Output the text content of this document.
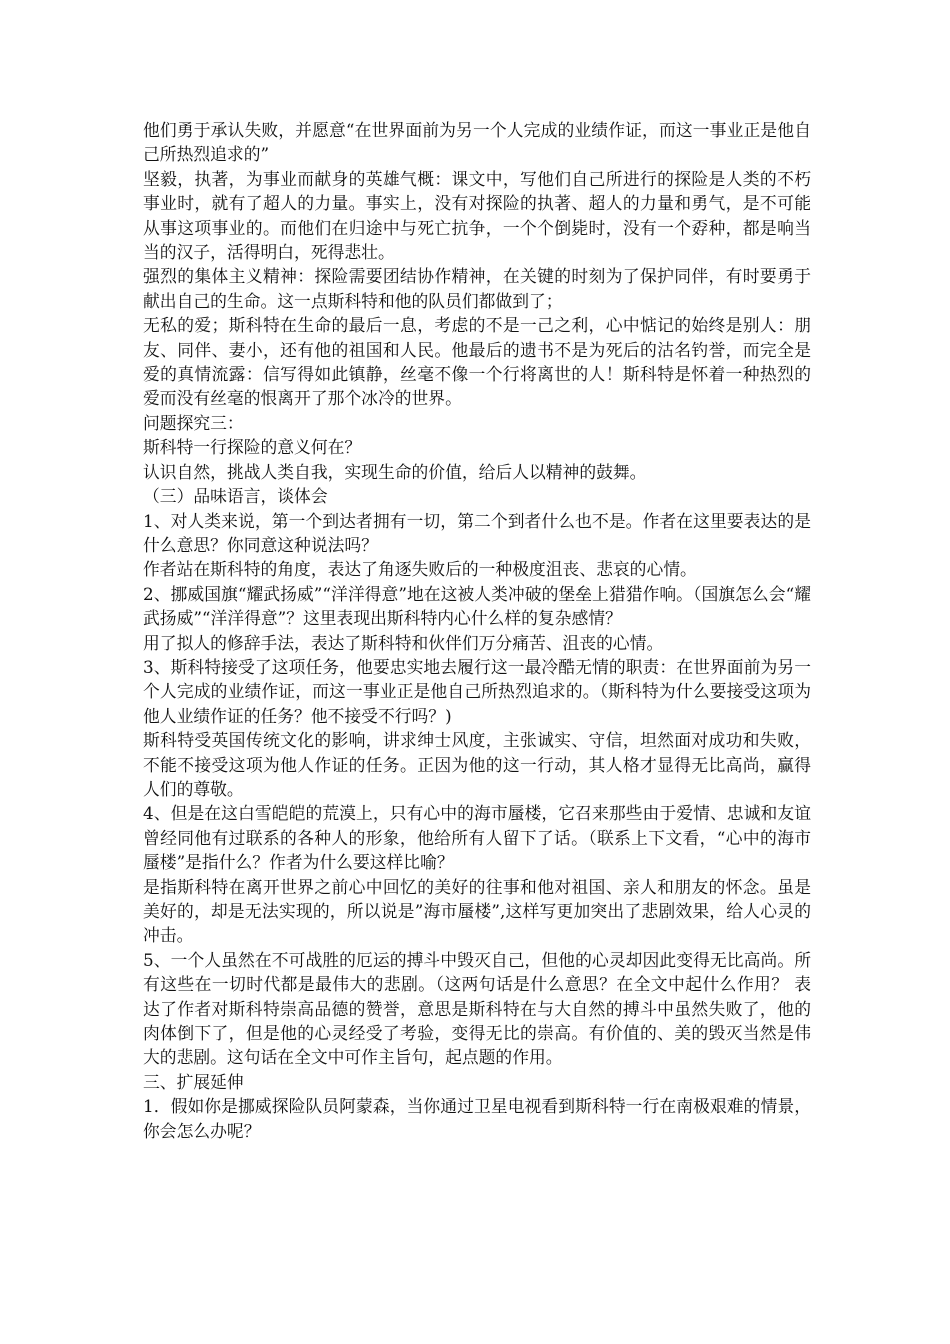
他们勇于承认失败，并愿意“在世界面前为另一个人完成的业绩作证，而这一事业正是他自己所热烈追求的”

坚毅，执著，为事业而献身的英雄气概：课文中，写他们自己所进行的探险是人类的不朽事业时，就有了超人的力量。事实上，没有对探险的执著、超人的力量和勇气，是不可能从事这项事业的。而他们在归途中与死亡抗争，一个个倒毙时，没有一个孬种，都是响当当的汉子，活得明白，死得悲壮。

强烈的集体主义精神：探险需要团结协作精神，在关键的时刻为了保护同伴，有时要勇于献出自己的生命。这一点斯科特和他的队员们都做到了；

无私的爱；斯科特在生命的最后一息，考虑的不是一己之利，心中惦记的始终是别人：朋友、同伴、妻小，还有他的祖国和人民。他最后的遗书不是为死后的沽名钓誉，而完全是爱的真情流露：信写得如此镇静，丝毫不像一个行将离世的人！斯科特是怀着一种热烈的爱而没有丝毫的恨离开了那个冰冷的世界。

问题探究三：

斯科特一行探险的意义何在？

认识自然，挑战人类自我，实现生命的价值，给后人以精神的鼓舞。

（三）品味语言，谈体会

1、对人类来说，第一个到达者拥有一切，第二个到者什么也不是。作者在这里要表达的是什么意思？你同意这种说法吗？

作者站在斯科特的角度，表达了角逐失败后的一种极度沮丧、悲哀的心情。

2、挪威国旗“耀武扬威”“洋洋得意”地在这被人类冲破的堡垒上猎猎作响。（国旗怎么会“耀武扬威”“洋洋得意”？这里表现出斯科特内心什么样的复杂感情？

用了拟人的修辞手法，表达了斯科特和伙伴们万分痛苦、沮丧的心情。

3、斯科特接受了这项任务，他要忠实地去履行这一最冷酷无情的职责：在世界面前为另一个人完成的业绩作证，而这一事业正是他自己所热烈追求的。（斯科特为什么要接受这项为他人业绩作证的任务？他不接受不行吗？)

斯科特受英国传统文化的影响，讲求绅士风度，主张诚实、守信，坦然面对成功和失败，不能不接受这项为他人作证的任务。正因为他的这一行动，其人格才显得无比高尚，赢得人们的尊敬。

4、但是在这白雪皑皑的荒漠上，只有心中的海市蜃楼，它召来那些由于爱情、忠诚和友谊曾经同他有过联系的各种人的形象，他给所有人留下了话。（联系上下文看，“心中的海市蜃楼”是指什么？作者为什么要这样比喻？

是指斯科特在离开世界之前心中回忆的美好的往事和他对祖国、亲人和朋友的怀念。虽是美好的，却是无法实现的，所以说是”海市蜃楼”,这样写更加突出了悲剧效果，给人心灵的冲击。

5、一个人虽然在不可战胜的厄运的搏斗中毁灭自己，但他的心灵却因此变得无比高尚。所有这些在一切时代都是最伟大的悲剧。（这两句话是什么意思？在全文中起什么作用？ 表达了作者对斯科特崇高品德的赞誉，意思是斯科特在与大自然的搏斗中虽然失败了，他的肉体倒下了，但是他的心灵经受了考验，变得无比的崇高。有价值的、美的毁灭当然是伟大的悲剧。这句话在全文中可作主旨句，起点题的作用。

三、扩展延伸

1．假如你是挪威探险队员阿蒙森，当你通过卫星电视看到斯科特一行在南极艰难的情景，你会怎么办呢？
